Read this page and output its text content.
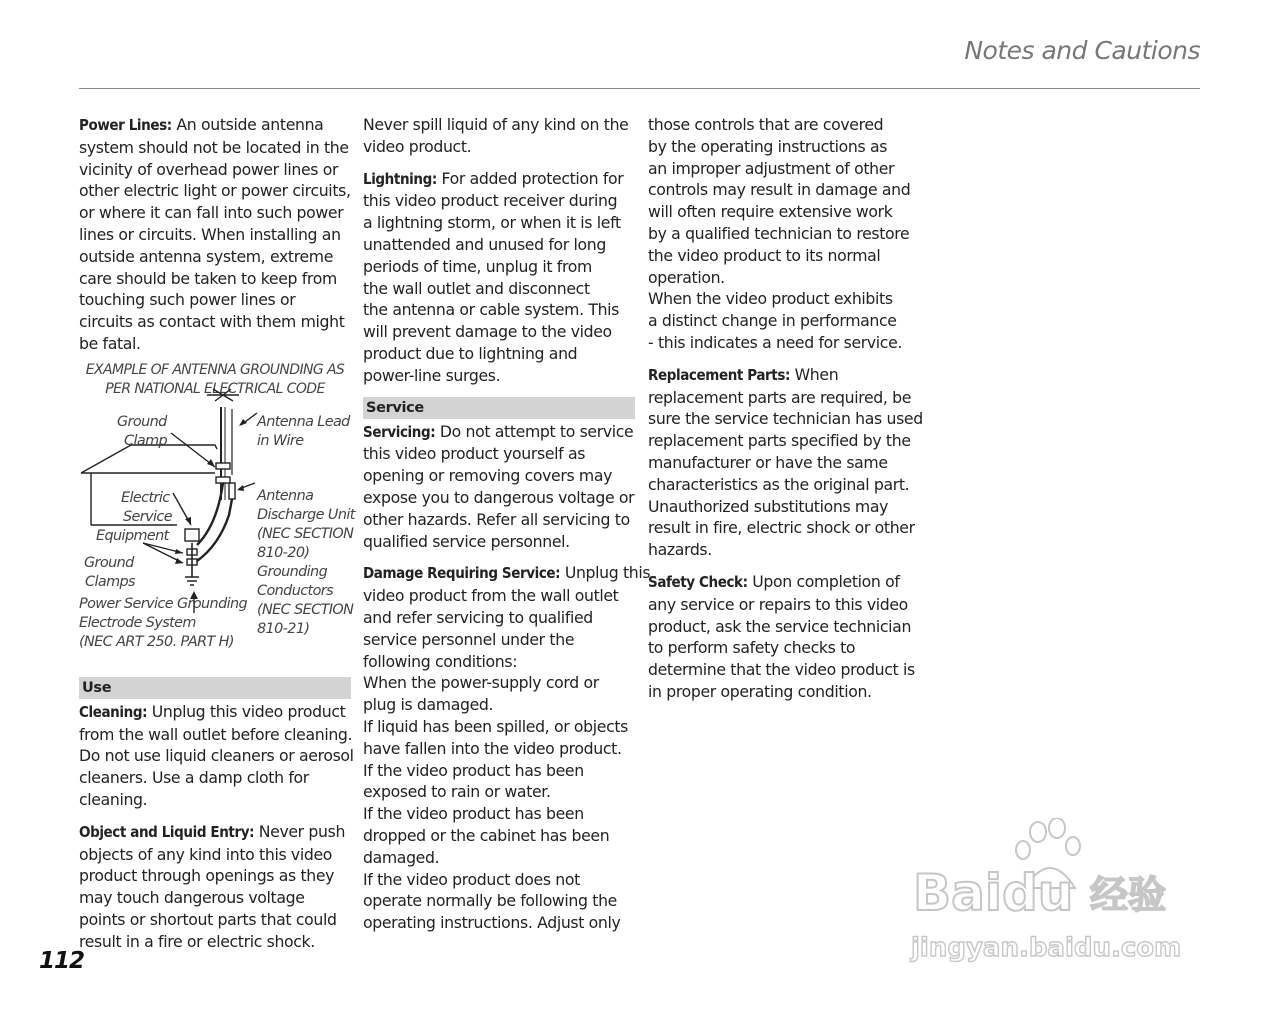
Notes and Cautions
Power Lines: An outside antenna
system should not be located in the
vicinity of overhead power lines or
other electric light or power circuits,
or where it can fall into such power
lines or circuits. When installing an
outside antenna system, extreme
care should be taken to keep from
touching such power lines or
circuits as contact with them might
be fatal.
EXAMPLE OF ANTENNA GROUNDING AS
PER NATIONAL ELECTRICAL CODE
Ground
Clamp
Antenna Lead
in Wire
Electric
Service
Equipment
Antenna
Discharge Unit
(NEC SECTION
810-20)
Ground
Clamps
Grounding
Conductors
(NEC SECTION
810-21)
Power Service Grounding
Electrode System
(NEC ART 250. PART H)
Use
Cleaning: Unplug this video product
from the wall outlet before cleaning.
Do not use liquid cleaners or aerosol
cleaners. Use a damp cloth for
cleaning.
Object and Liquid Entry: Never push
objects of any kind into this video
product through openings as they
may touch dangerous voltage
points or shortout parts that could
result in a fire or electric shock.
Never spill liquid of any kind on the
video product.
Lightning: For added protection for
this video product receiver during
a lightning storm, or when it is left
unattended and unused for long
periods of time, unplug it from
the wall outlet and disconnect
the antenna or cable system. This
will prevent damage to the video
product due to lightning and
power-line surges.
Service
Servicing: Do not attempt to service
this video product yourself as
opening or removing covers may
expose you to dangerous voltage or
other hazards. Refer all servicing to
qualified service personnel.
Damage Requiring Service: Unplug this
video product from the wall outlet
and refer servicing to qualified
service personnel under the
following conditions:
When the power-supply cord or
plug is damaged.
If liquid has been spilled, or objects
have fallen into the video product.
If the video product has been
exposed to rain or water.
If the video product has been
dropped or the cabinet has been
damaged.
If the video product does not
operate normally be following the
operating instructions. Adjust only
those controls that are covered
by the operating instructions as
an improper adjustment of other
controls may result in damage and
will often require extensive work
by a qualified technician to restore
the video product to its normal
operation.
When the video product exhibits
a distinct change in performance
- this indicates a need for service.
Replacement Parts: When
replacement parts are required, be
sure the service technician has used
replacement parts specified by the
manufacturer or have the same
characteristics as the original part.
Unauthorized substitutions may
result in fire, electric shock or other
hazards.
Safety Check: Upon completion of
any service or repairs to this video
product, ask the service technician
to perform safety checks to
determine that the video product is
in proper operating condition.
112
Baidu 经验
jingyan.baidu.com
